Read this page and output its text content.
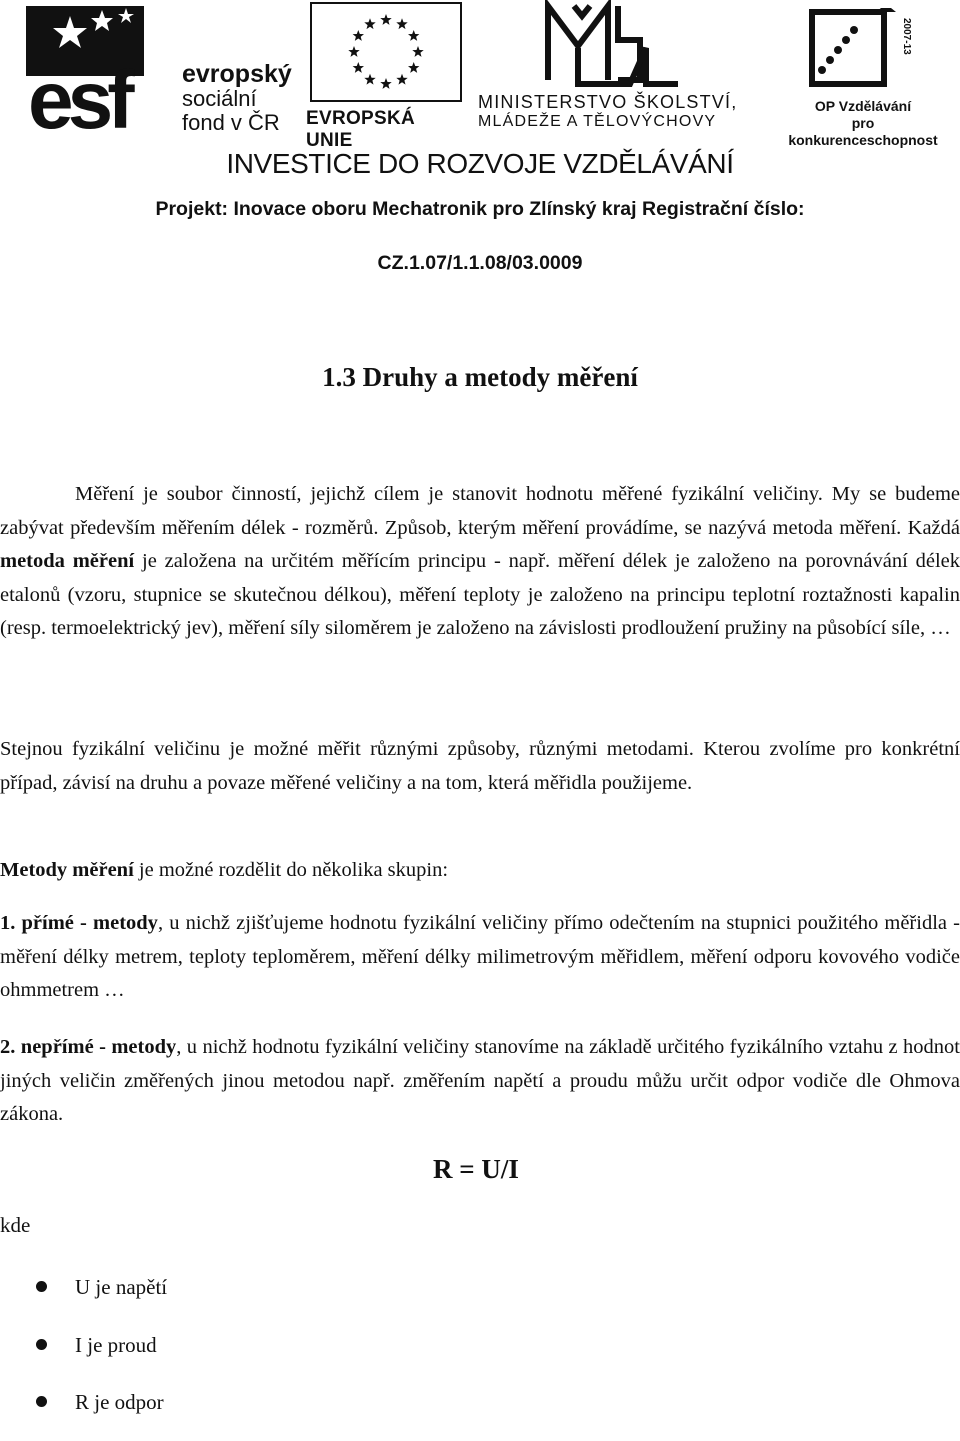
esf evropský
sociální
fond v ČR EVROPSKÁ UNIE
MINISTERSTVO ŠKOLSTVÍ,
MLÁDEŽE A TĚLOVÝCHOVY
2007-13
OP Vzdělávání
pro konkurenceschopnost
INVESTICE DO ROZVOJE VZDĚLÁVÁNÍ
Projekt: Inovace oboru Mechatronik pro Zlínský kraj Registrační číslo:
CZ.1.07/1.1.08/03.0009
1.3 Druhy a metody měření

Měření je soubor činností, jejichž cílem je stanovit hodnotu měřené fyzikální veličiny. My se budeme zabývat především měřením délek - rozměrů. Způsob, kterým měření provádíme, se nazývá metoda měření. Každá metoda měření je založena na určitém měřícím principu - např. měření délek je založeno na porovnávání délek etalonů (vzoru, stupnice se skutečnou délkou), měření teploty je založeno na principu teplotní roztažnosti kapalin (resp. termoelektrický jev), měření síly siloměrem je založeno na závislosti prodloužení pružiny na působící síle, …

Stejnou fyzikální veličinu je možné měřit různými způsoby, různými metodami. Kterou zvolíme pro konkrétní případ, závisí na druhu a povaze měřené veličiny a na tom, která měřidla použijeme.

Metody měření je možné rozdělit do několika skupin:

1. přímé - metody, u nichž zjišťujeme hodnotu fyzikální veličiny přímo odečtením na stupnici použitého měřidla - měření délky metrem, teploty teploměrem, měření délky milimetrovým měřidlem, měření odporu kovového vodiče ohmmetrem …

2. nepřímé - metody, u nichž hodnotu fyzikální veličiny stanovíme na základě určitého fyzikálního vztahu z hodnot jiných veličin změřených jinou metodou např. změřením napětí a proudu můžu určit odpor vodiče dle Ohmova zákona.

R = U/I
kde
U je napětí
I je proud
R je odpor
